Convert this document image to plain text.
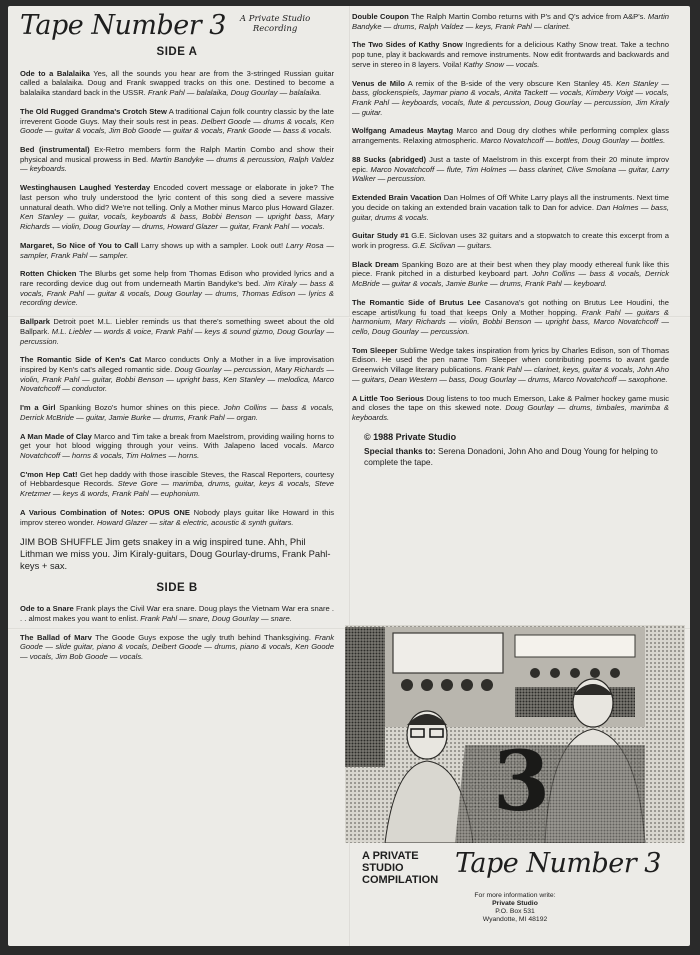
Tape Number 3 A Private Studio
Recording
SIDE A
Ode to a Balalaika Yes, all the sounds you hear are from the 3-stringed Russian guitar called a balalaika. Doug and Frank swapped tracks on this one. Destined to become a balalaika standard back in the USSR. Frank Pahl — balalaika, Doug Gourlay — balalaika.
The Old Rugged Grandma's Crotch Stew A traditional Cajun folk country classic by the late irreverent Goode Guys. May their souls rest in peas. Delbert Goode — drums & vocals, Ken Goode — guitar & vocals, Jim Bob Goode — guitar & vocals, Frank Goode — bass & vocals.
Bed (instrumental) Ex-Retro members form the Ralph Martin Combo and show their physical and musical prowess in Bed. Martin Bandyke — drums & percussion, Ralph Valdez — keyboards.
Westinghausen Laughed Yesterday Encoded covert message or elaborate in joke? The last person who truly understood the lyric content of this song died a severe massive unnatural death. Who did? We're not telling. Only a Mother minus Marco plus Howard Glazer. Ken Stanley — guitar, vocals, keyboards & bass, Bobbi Benson — upright bass, Mary Richards — violin, Doug Gourlay — drums, Howard Glazer — guitar, Frank Pahl — vocals.
Margaret, So Nice of You to Call Larry shows up with a sampler. Look out! Larry Rosa — sampler, Frank Pahl — sampler.
Rotten Chicken The Blurbs get some help from Thomas Edison who provided lyrics and a rare recording device dug out from underneath Martin Bandyke's bed. Jim Kiraly — bass & vocals, Frank Pahl — guitar & vocals, Doug Gourlay — drums, Thomas Edison — lyrics & recording device.
Ballpark Detroit poet M.L. Liebler reminds us that there's something sweet about the old Ballpark. M.L. Liebler — words & voice, Frank Pahl — keys & sound gizmo, Doug Gourlay — percussion.
The Romantic Side of Ken's Cat Marco conducts Only a Mother in a live improvisation inspired by Ken's cat's alleged romantic side. Doug Gourlay — percussion, Mary Richards — violin, Frank Pahl — guitar, Bobbi Benson — upright bass, Ken Stanley — melodica, Marco Novatchcoff — conductor.
I'm a Girl Spanking Bozo's humor shines on this piece. John Collins — bass & vocals, Derrick McBride — guitar, Jamie Burke — drums, Frank Pahl — organ.
A Man Made of Clay Marco and Tim take a break from Maelstrom, providing wailing horns to get your hot blood wigging through your veins. With Jalapeno laced vocals. Marco Novatchcoff — horns & vocals, Tim Holmes — horns.
C'mon Hep Cat! Get hep daddy with those irascible Steves, the Rascal Reporters, courtesy of Hebbardesque Records. Steve Gore — marimba, drums, guitar, keys & vocals, Steve Kretzmer — keys & words, Frank Pahl — euphonium.
A Various Combination of Notes: OPUS ONE Nobody plays guitar like Howard in this improv stereo wonder. Howard Glazer — sitar & electric, acoustic & synth guitars.
JIM BOB SHUFFLE Jim gets snakey in a wig inspired tune. Ahh, Phil Lithman we miss you. Jim Kiraly-guitars, Doug Gourlay-drums, Frank Pahl-keys + sax.
SIDE B
Ode to a Snare Frank plays the Civil War era snare. Doug plays the Vietnam War era snare . . . almost makes you want to enlist. Frank Pahl — snare, Doug Gourlay — snare.
The Ballad of Marv The Goode Guys expose the ugly truth behind Thanksgiving. Frank Goode — slide guitar, piano & vocals, Delbert Goode — drums, piano & vocals, Ken Goode — vocals, Jim Bob Goode — vocals.
Double Coupon The Ralph Martin Combo returns with P's and Q's advice from A&P's. Martin Bandyke — drums, Ralph Valdez — keys, Frank Pahl — clarinet.
The Two Sides of Kathy Snow Ingredients for a delicious Kathy Snow treat. Take a techno pop tune, play it backwards and remove instruments. Now edit frontwards and backwards and serve in stereo in 8 layers. Voila! Kathy Snow — vocals.
Venus de Milo A remix of the B-side of the very obscure Ken Stanley 45. Ken Stanley — bass, glockenspiels, Jaymar piano & vocals, Anita Tackett — vocals, Kimbery Voigt — vocals, Frank Pahl — keyboards, vocals, flute & percussion, Doug Gourlay — percussion, Jim Kiraly — guitar.
Wolfgang Amadeus Maytag Marco and Doug dry clothes while performing complex glass arrangements. Relaxing atmospheric. Marco Novatchcoff — bottles, Doug Gourlay — bottles.
88 Sucks (abridged) Just a taste of Maelstrom in this excerpt from their 20 minute improv epic. Marco Novatchcoff — flute, Tim Holmes — bass clarinet, Clive Smolana — guitar, Larry Walker — percussion.
Extended Brain Vacation Dan Holmes of Off White Larry plays all the instruments. Next time you decide on taking an extended brain vacation talk to Dan for advice. Dan Holmes — bass, guitar, drums & vocals.
Guitar Study #1 G.E. Siclovan uses 32 guitars and a stopwatch to create this excerpt from a work in progress. G.E. Siclivan — guitars.
Black Dream Spanking Bozo are at their best when they play moody ethereal funk like this piece. Frank pitched in a disturbed keyboard part. John Collins — bass & vocals, Derrick McBride — guitar & vocals, Jamie Burke — drums, Frank Pahl — keyboard.
The Romantic Side of Brutus Lee Casanova's got nothing on Brutus Lee Houdini, the escape artist/kung fu toad that keeps Only a Mother hopping. Frank Pahl — guitars & harmonium, Mary Richards — violin, Bobbi Benson — upright bass, Marco Novatchcoff — cello, Doug Gourlay — percussion.
Tom Sleeper Sublime Wedge takes inspiration from lyrics by Charles Edison, son of Thomas Edison. He used the pen name Tom Sleeper when contributing poems to avant garde Greenwich Village literary publications. Frank Pahl — clarinet, keys, guitar & vocals, John Aho — guitars, Dean Western — bass, Doug Gourlay — drums, Marco Novatchcoff — saxophone.
A Little Too Serious Doug listens to too much Emerson, Lake & Palmer hockey game music and closes the tape on this skewed note. Doug Gourlay — drums, timbales, marimba & keyboards.
© 1988 Private Studio
Special thanks to: Serena Donadoni, John Aho and Doug Young for helping to complete the tape.
3
A PRIVATE
STUDIO
COMPILATION
Tape Number 3
For more information write:
Private Studio
P.O. Box 531
Wyandotte, MI 48192
